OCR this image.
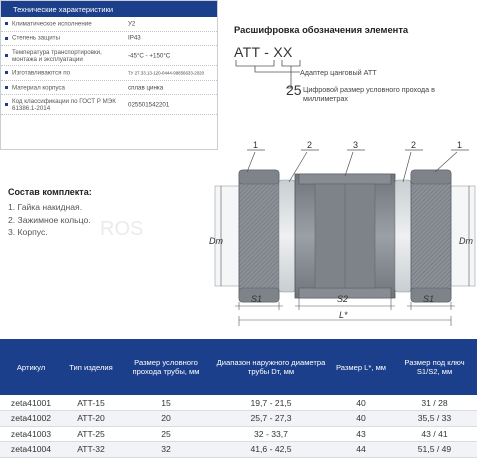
Технические характеристики
Климатическое исполнение	У2
Степень защиты	IP43
Температура транспортировки, монтажа и эксплуатации	-45°C - +150°C
Изготавливаются по	ТУ 27.33.13-120-0444-99856633-2020
Материал корпуса	сплав цинка
Код классификации по ГОСТ Р МЭК 61386.1-2014	025501542201
Расшифровка обозначения элемента
ATT - XX
Адаптер цанговый ATT
25 Цифровой размер условного прохода в миллиметрах
Состав комплекта:
1. Гайка накидная.
2. Зажимное кольцо.
3. Корпус.	ROS
1	2	3	2	1
Dт	Dт
S1	S2	S1
L*
Артикул	Тип изделия	Размер условного прохода трубы, мм	Диапазон наружного диаметра трубы Dт, мм	Размер L*, мм	Размер под ключ S1/S2, мм
zeta41001	ATT-15	15	19,7 - 21,5	40	31 / 28
zeta41002	ATT-20	20	25,7 - 27,3	40	35,5 / 33
zeta41003	ATT-25	25	32 - 33,7	43	43 / 41
zeta41004	ATT-32	32	41,6 - 42,5	44	51,5 / 49
